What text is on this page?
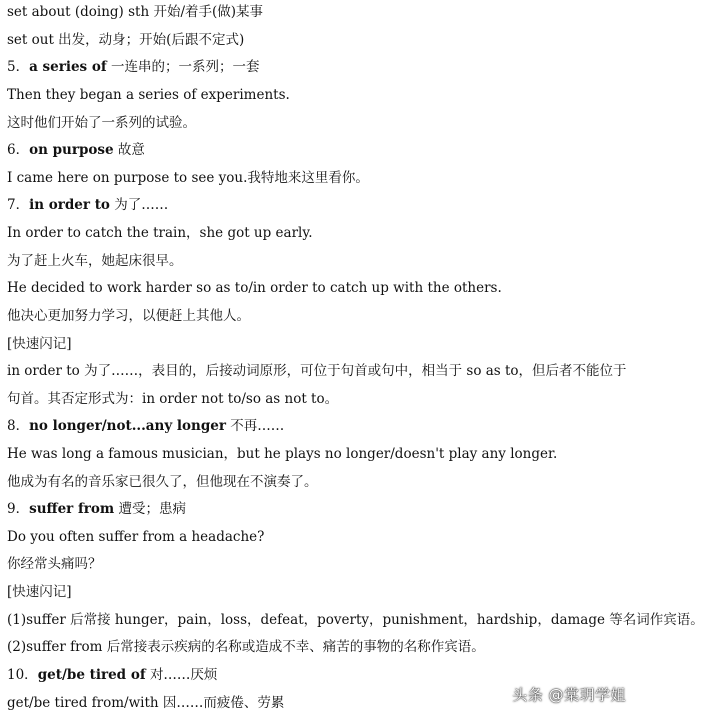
set about (doing) sth 开始/着手(做)某事
set out 出发，动身；开始(后跟不定式)
5．a series of 一连串的；一系列；一套
Then they began a series of experiments.
这时他们开始了一系列的试验。
6．on purpose 故意
I came here on purpose to see you.我特地来这里看你。
7．in order to 为了……
In order to catch the train，she got up early.
为了赶上火车，她起床很早。
He decided to work harder so as to/in order to catch up with the others.
他决心更加努力学习，以便赶上其他人。
[快速闪记]
in order to 为了……，表目的，后接动词原形，可位于句首或句中，相当于 so as to，但后者不能位于
句首。其否定形式为：in order not to/so as not to。
8．no longer/not...any longer 不再……
He was long a famous musician，but he plays no longer/doesn't play any longer.
他成为有名的音乐家已很久了，但他现在不演奏了。
9．suffer from 遭受；患病
Do you often suffer from a headache?
你经常头痛吗？
[快速闪记]
(1)suffer 后常接 hunger，pain，loss，defeat，poverty，punishment，hardship，damage 等名词作宾语。
(2)suffer from 后常接表示疾病的名称或造成不幸、痛苦的事物的名称作宾语。
10．get/be tired of 对……厌烦
get/be tired from/with 因……而疲倦、劳累	头条 @棠玥学姐
